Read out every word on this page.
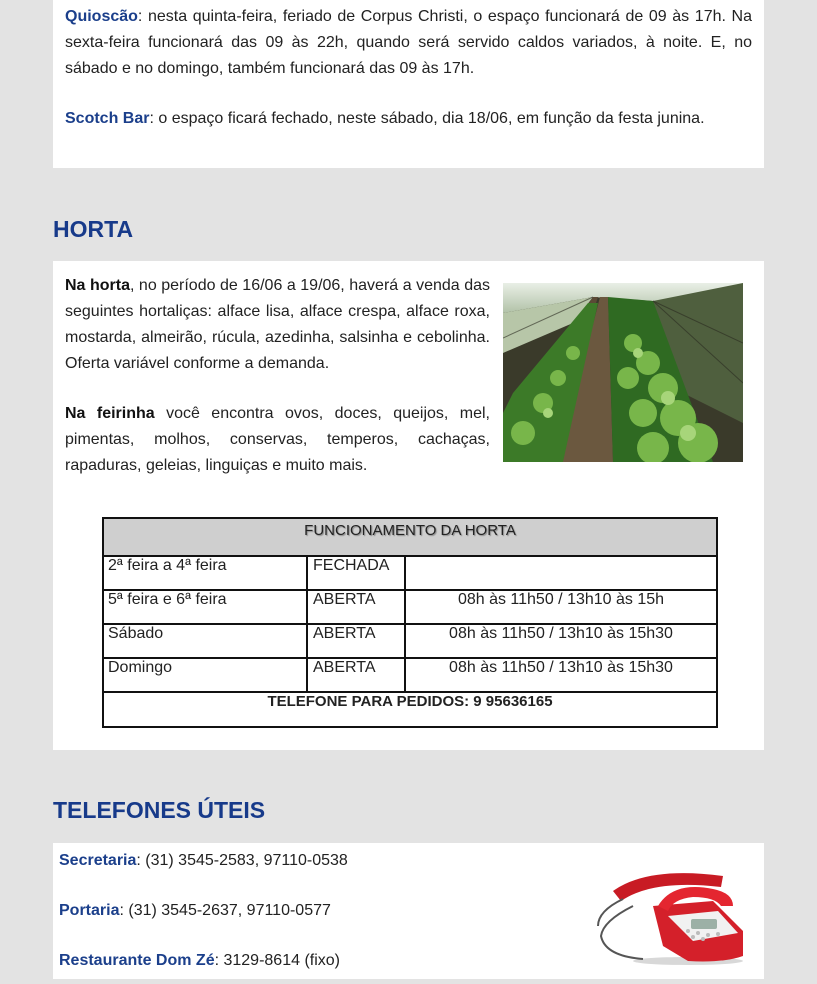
Quioscão: nesta quinta-feira, feriado de Corpus Christi, o espaço funcionará de 09 às 17h. Na sexta-feira funcionará das 09 às 22h, quando será servido caldos variados, à noite. E, no sábado e no domingo, também funcionará das 09 às 17h.

Scotch Bar: o espaço ficará fechado, neste sábado, dia 18/06, em função da festa junina.

HORTA

Na horta, no período de 16/06 a 19/06, haverá a venda das seguintes hortaliças: alface lisa, alface crespa, alface roxa, mostarda, almeirão, rúcula, azedinha, salsinha e cebolinha. Oferta variável conforme a demanda.

Na feirinha você encontra ovos, doces, queijos, mel, pimentas, molhos, conservas, temperos, cachaças, rapaduras, geleias, linguiças e muito mais.

FUNCIONAMENTO DA HORTA
2ª feira a 4ª feira	FECHADA
5ª feira e 6ª feira	ABERTA	08h às 11h50 / 13h10 às 15h
Sábado	ABERTA	08h às 11h50 / 13h10 às 15h30
Domingo	ABERTA	08h às 11h50 / 13h10 às 15h30
TELEFONE PARA PEDIDOS: 9 95636165
TELEFONES ÚTEIS
Secretaria: (31) 3545-2583, 97110-0538
Portaria: (31) 3545-2637, 97110-0577
Restaurante Dom Zé: 3129-8614 (fixo)
